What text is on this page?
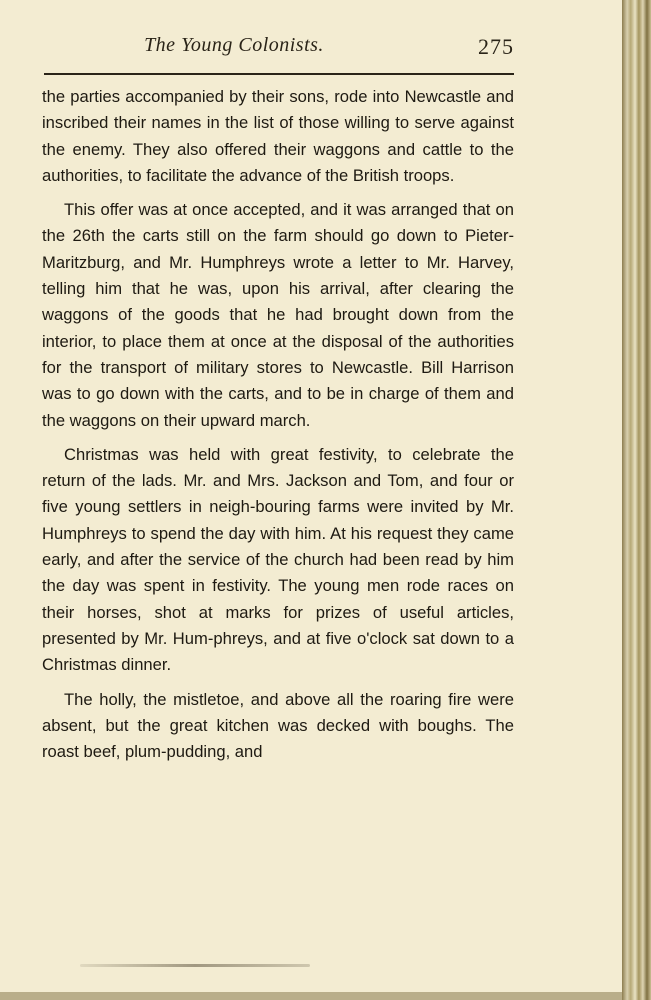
The Young Colonists.	275

the parties accompanied by their sons, rode into Newcastle and inscribed their names in the list of those willing to serve against the enemy. They also offered their waggons and cattle to the authorities, to facilitate the advance of the British troops.

This offer was at once accepted, and it was arranged that on the 26th the carts still on the farm should go down to Pieter-Maritzburg, and Mr. Humphreys wrote a letter to Mr. Harvey, telling him that he was, upon his arrival, after clearing the waggons of the goods that he had brought down from the interior, to place them at once at the disposal of the authorities for the transport of military stores to Newcastle. Bill Harrison was to go down with the carts, and to be in charge of them and the waggons on their upward march.

Christmas was held with great festivity, to celebrate the return of the lads. Mr. and Mrs. Jackson and Tom, and four or five young settlers in neigh-bouring farms were invited by Mr. Humphreys to spend the day with him. At his request they came early, and after the service of the church had been read by him the day was spent in festivity. The young men rode races on their horses, shot at marks for prizes of useful articles, presented by Mr. Hum-phreys, and at five o'clock sat down to a Christmas dinner.

The holly, the mistletoe, and above all the roaring fire were absent, but the great kitchen was decked with boughs. The roast beef, plum-pudding, and
